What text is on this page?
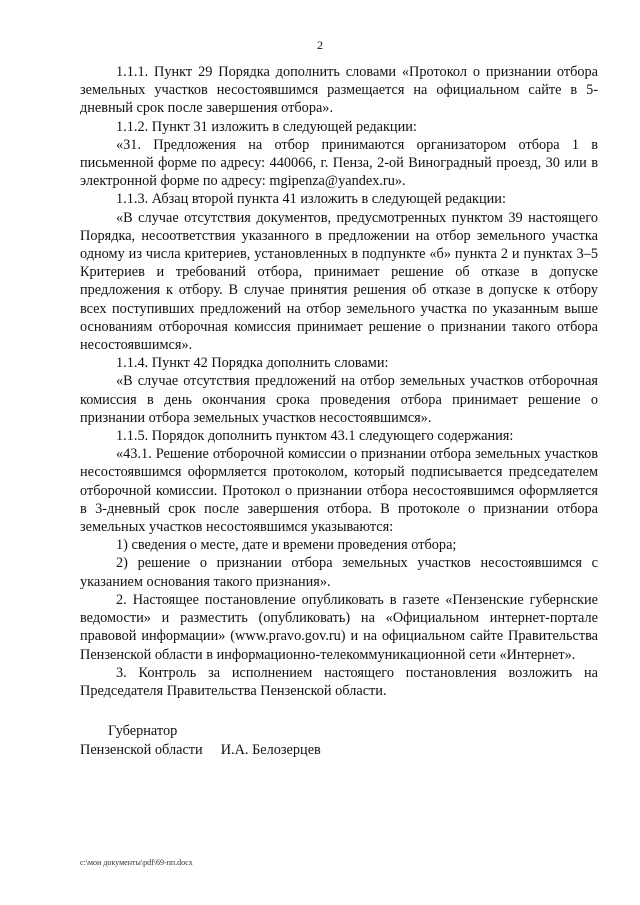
2

1.1.1. Пункт 29 Порядка дополнить словами «Протокол о признании отбора земельных участков несостоявшимся размещается на официальном сайте в 5-дневный срок после завершения отбора».

1.1.2. Пункт 31 изложить в следующей редакции:

«31. Предложения на отбор принимаются организатором отбора 1 в письменной форме по адресу: 440066, г. Пенза, 2-ой Виноградный проезд, 30 или в электронной форме по адресу: mgipenza@yandex.ru».

1.1.3. Абзац второй пункта 41 изложить в следующей редакции:

«В случае отсутствия документов, предусмотренных пунктом 39 настоящего Порядка, несоответствия указанного в предложении на отбор земельного участка одному из числа критериев, установленных в подпункте «б» пункта 2 и пунктах 3–5 Критериев и требований отбора, принимает решение об отказе в допуске предложения к отбору. В случае принятия решения об отказе в допуске к отбору всех поступивших предложений на отбор земельного участка по указанным выше основаниям отборочная комиссия принимает решение о признании такого отбора несостоявшимся».

1.1.4. Пункт 42 Порядка дополнить словами:

«В случае отсутствия предложений на отбор земельных участков отборочная комиссия в день окончания срока проведения отбора принимает решение о признании отбора земельных участков несостоявшимся».

1.1.5. Порядок дополнить пунктом 43.1 следующего содержания:

«43.1. Решение отборочной комиссии о признании отбора земельных участков несостоявшимся оформляется протоколом, который подписывается председателем отборочной комиссии. Протокол о признании отбора несостоявшимся оформляется в 3-дневный срок после завершения отбора. В протоколе о признании отбора земельных участков несостоявшимся указываются:

1) сведения о месте, дате и времени проведения отбора;

2) решение о признании отбора земельных участков несостоявшимся с указанием основания такого признания».

2. Настоящее постановление опубликовать в газете «Пензенские губернские ведомости» и разместить (опубликовать) на «Официальном интернет-портале правовой информации» (www.pravo.gov.ru) и на официальном сайте Правительства Пензенской области в информационно-телекоммуникационной сети «Интернет».

3. Контроль за исполнением настоящего постановления возложить на Председателя Правительства Пензенской области.

Губернатор
Пензенской области И.А. Белозерцев
c:\мои документы\pdf\69-пп.docx
